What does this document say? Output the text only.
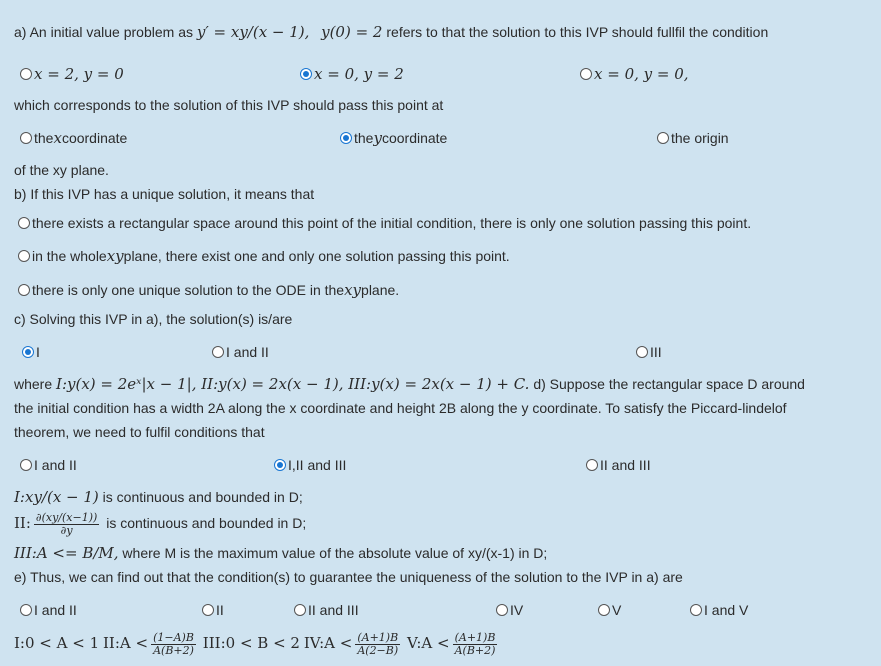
a) An initial value problem as y′ = xy/(x − 1), y(0) = 2 refers to that the solution to this IVP should fullfil the condition
x = 2, y = 0	x = 0, y = 2	x = 0, y = 0,
which corresponds to the solution of this IVP should pass this point at
the x coordinate	the y coordinate	the origin
of the xy plane.
b) If this IVP has a unique solution, it means that
there exists a rectangular space around this point of the initial condition, there is only one solution passing this point.
in the whole xy plane, there exist one and only one solution passing this point.
there is only one unique solution to the ODE in the xy plane.
c) Solving this IVP in a), the solution(s) is/are
I	I and II	III
where I:y(x) = 2eˣ|x − 1|, II:y(x) = 2x(x − 1), III:y(x) = 2x(x − 1) + C. d) Suppose the rectangular space D around
the initial condition has a width 2A along the x coordinate and height 2B along the y coordinate. To satisfy the Piccard-lindelof
theorem, we need to fulfil conditions that
I and II	I,II and III	II and III
I:xy/(x − 1) is continuous and bounded in D;
II: $\frac{\partial(xy/(x-1))}{\partial y}$ is continuous and bounded in D;
III:A <= B/M, where M is the maximum value of the absolute value of xy/(x-1) in D;
e) Thus, we can find out that the condition(s) to guarantee the uniqueness of the solution to the IVP in a) are
I and II	II	II and III	IV	V	I and V
I:0 < A < 1 II:A < $\frac{(1-A)B}{A(B+2)}$ III:0 < B < 2 IV:A < $\frac{(A+1)B}{A(2-B)}$ V:A < $\frac{(A+1)B}{A(B+2)}$
